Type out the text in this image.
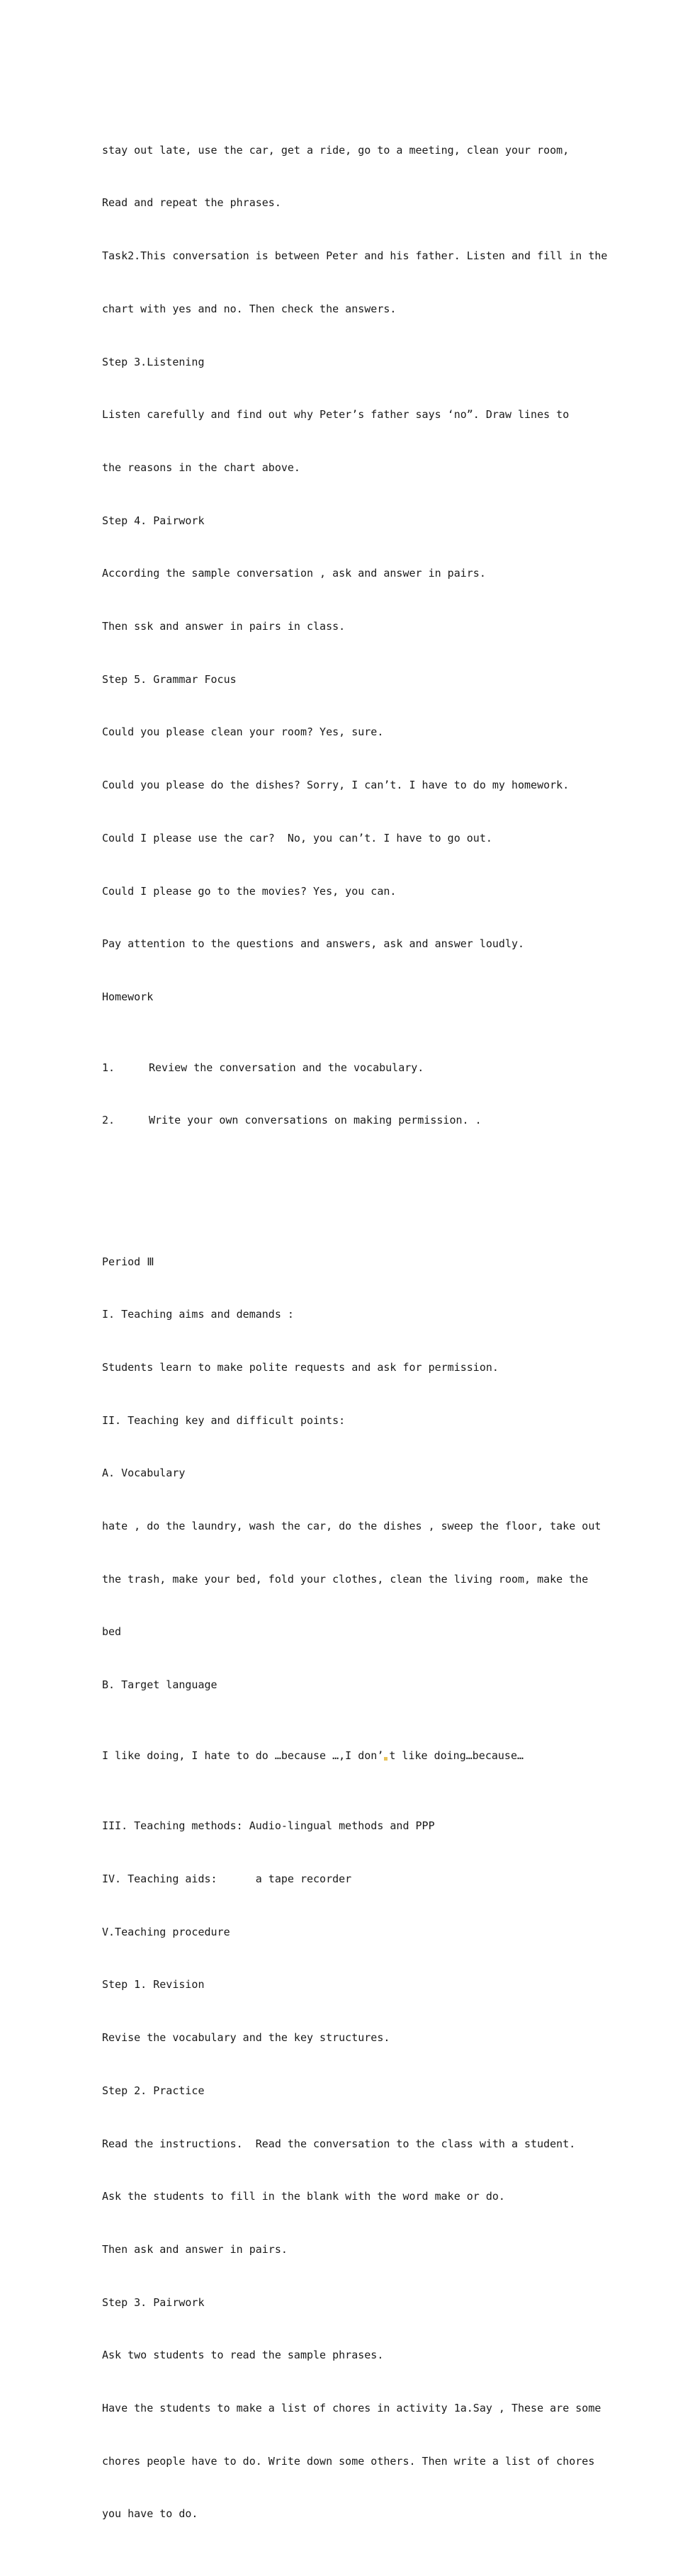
stay out late, use the car, get a ride, go to a meeting, clean your room,

Read and repeat the phrases.

Task2.This conversation is between Peter and his father. Listen and fill in the

chart with yes and no. Then check the answers.

Step 3.Listening

Listen carefully and find out why Peter’s father says ‘no”. Draw lines to

the reasons in the chart above.

Step 4. Pairwork

According the sample conversation , ask and answer in pairs.

Then ssk and answer in pairs in class.

Step 5. Grammar Focus

Could you please clean your room? Yes, sure.

Could you please do the dishes? Sorry, I can’t. I have to do my homework.

Could I please use the car?  No, you can’t. I have to go out.

Could I please go to the movies? Yes, you can.

Pay attention to the questions and answers, ask and answer loudly.

Homework

1.	Review the conversation and the vocabulary.

2.	Write your own conversations on making permission. .

Period Ⅲ

I. Teaching aims and demands :

Students learn to make polite requests and ask for permission.

II. Teaching key and difficult points:

A. Vocabulary

hate , do the laundry, wash the car, do the dishes , sweep the floor, take out

the trash, make your bed, fold your clothes, clean the living room, make the

bed

B. Target language

I like doing, I hate to do …because …,I don’ t like doing…because…

III. Teaching methods: Audio-lingual methods and PPP

IV. Teaching aids:      a tape recorder

V.Teaching procedure

Step 1. Revision

Revise the vocabulary and the key structures.

Step 2. Practice

Read the instructions.  Read the conversation to the class with a student.

Ask the students to fill in the blank with the word make or do.

Then ask and answer in pairs.

Step 3. Pairwork

Ask two students to read the sample phrases.

Have the students to make a list of chores in activity 1a.Say , These are some

chores people have to do. Write down some others. Then write a list of chores

you have to do.
